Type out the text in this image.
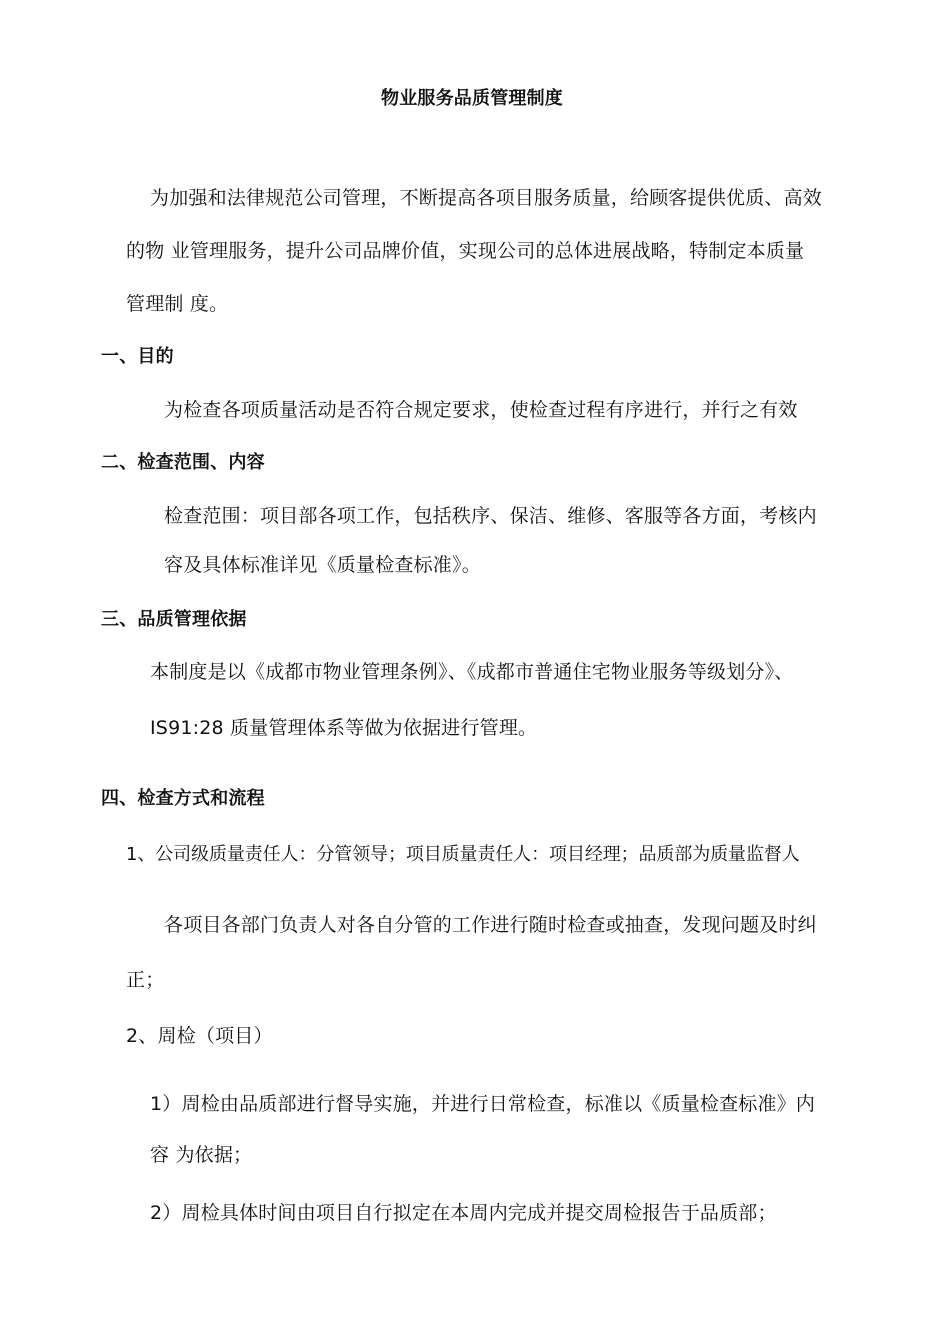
物业服务品质管理制度

为加强和法律规范公司管理，不断提高各项目服务质量，给顾客提供优质、高效

的物 业管理服务，提升公司品牌价值，实现公司的总体进展战略，特制定本质量

管理制 度。

一、目的

为检查各项质量活动是否符合规定要求，使检查过程有序进行，并行之有效

二、检查范围、内容

检查范围：项目部各项工作，包括秩序、保洁、维修、客服等各方面，考核内

容及具体标准详见《质量检查标准》。

三、品质管理依据

本制度是以《成都市物业管理条例》、《成都市普通住宅物业服务等级划分》、

IS91:28 质量管理体系等做为依据进行管理。

四、检查方式和流程

1、公司级质量责任人：分管领导；项目质量责任人：项目经理；品质部为质量监督人

各项目各部门负责人对各自分管的工作进行随时检查或抽查，发现问题及时纠

正；

2、周检（项目）

1）周检由品质部进行督导实施，并进行日常检查，标准以《质量检查标准》内

容 为依据；

2）周检具体时间由项目自行拟定在本周内完成并提交周检报告于品质部；
